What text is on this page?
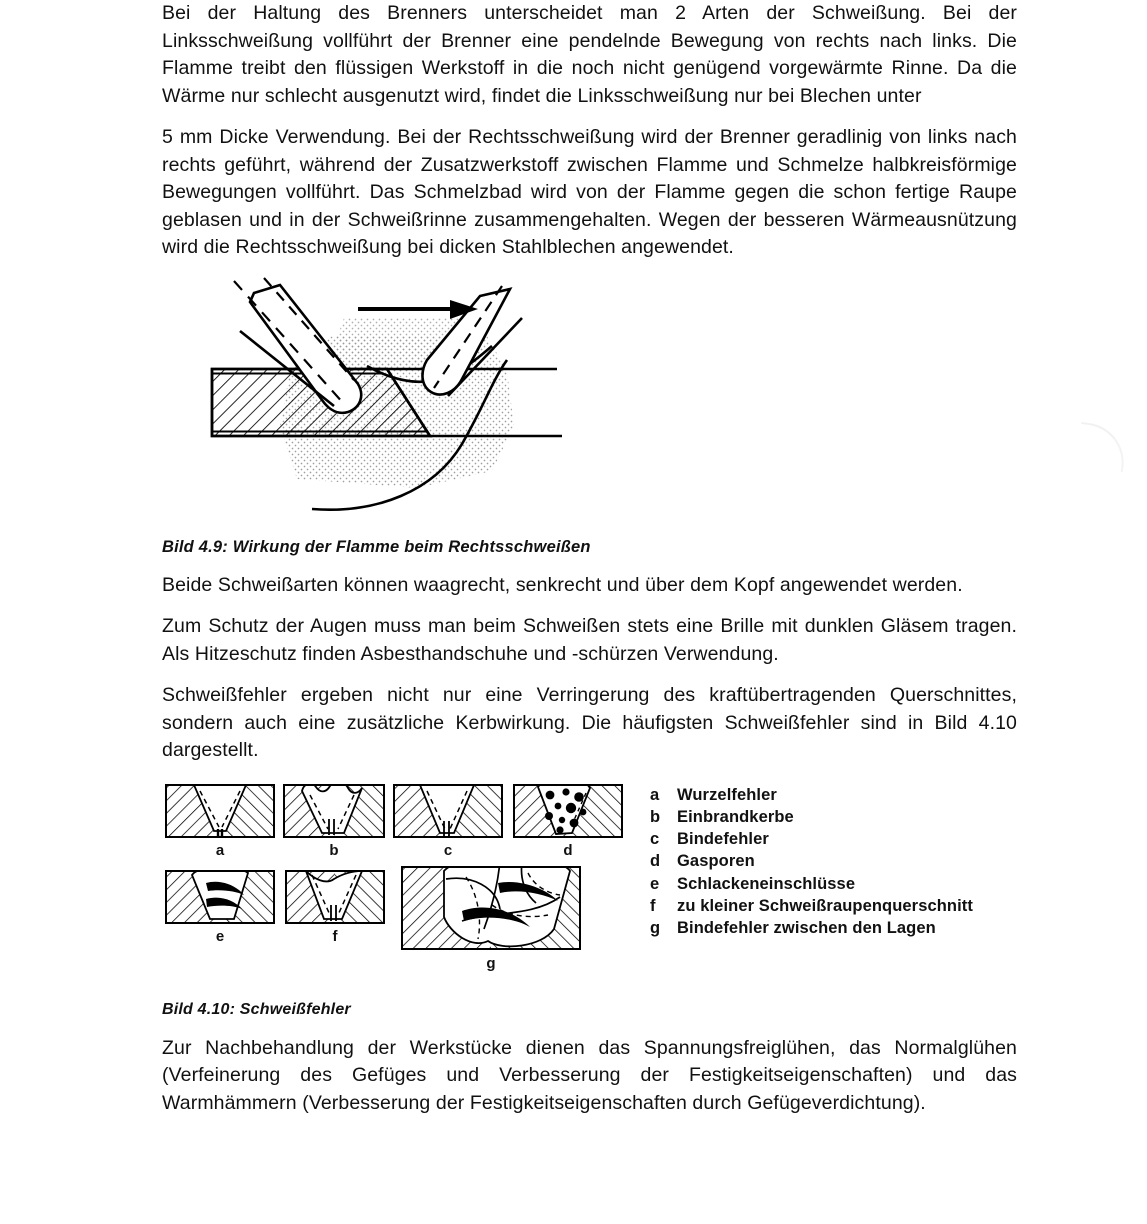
Bei der Haltung des Brenners unterscheidet man 2 Arten der Schweißung. Bei der Linksschweißung vollführt der Brenner eine pendelnde Bewegung von rechts nach links. Die Flamme treibt den flüssigen Werkstoff in die noch nicht genügend vorgewärmte Rinne. Da die Wärme nur schlecht ausgenutzt wird, findet die Linksschweißung nur bei Blechen unter

5 mm Dicke Verwendung. Bei der Rechtsschweißung wird der Brenner geradlinig von links nach rechts geführt, während der Zusatzwerkstoff zwischen Flamme und Schmelze halbkreisförmige Bewegungen vollführt. Das Schmelzbad wird von der Flamme gegen die schon fertige Raupe geblasen und in der Schweißrinne zusammengehalten. Wegen der besseren Wärmeausnützung wird die Rechtsschweißung bei dicken Stahlblechen angewendet.

Bild 4.9: Wirkung der Flamme beim Rechtsschweißen

Beide Schweißarten können waagrecht, senkrecht und über dem Kopf angewendet werden.

Zum Schutz der Augen muss man beim Schweißen stets eine Brille mit dunklen Gläsem tragen. Als Hitzeschutz finden Asbesthandschuhe und -schürzen Verwendung.

Schweißfehler ergeben nicht nur eine Verringerung des kraftübertragenden Querschnittes, sondern auch eine zusätzliche Kerbwirkung. Die häufigsten Schweißfehler sind in Bild 4.10 dargestellt.

a	b	c	d
e	f
g
a	Wurzelfehler
b	Einbrandkerbe
c	Bindefehler
d	Gasporen
e	Schlackeneinschlüsse
f	zu kleiner Schweißraupenquerschnitt
g	Bindefehler zwischen den Lagen
Bild 4.10: Schweißfehler

Zur Nachbehandlung der Werkstücke dienen das Spannungsfreiglühen, das Normalglühen (Verfeinerung des Gefüges und Verbesserung der Festigkeitseigenschaften) und das Warmhämmern (Verbesserung der Festigkeitseigenschaften durch Gefügeverdichtung).
